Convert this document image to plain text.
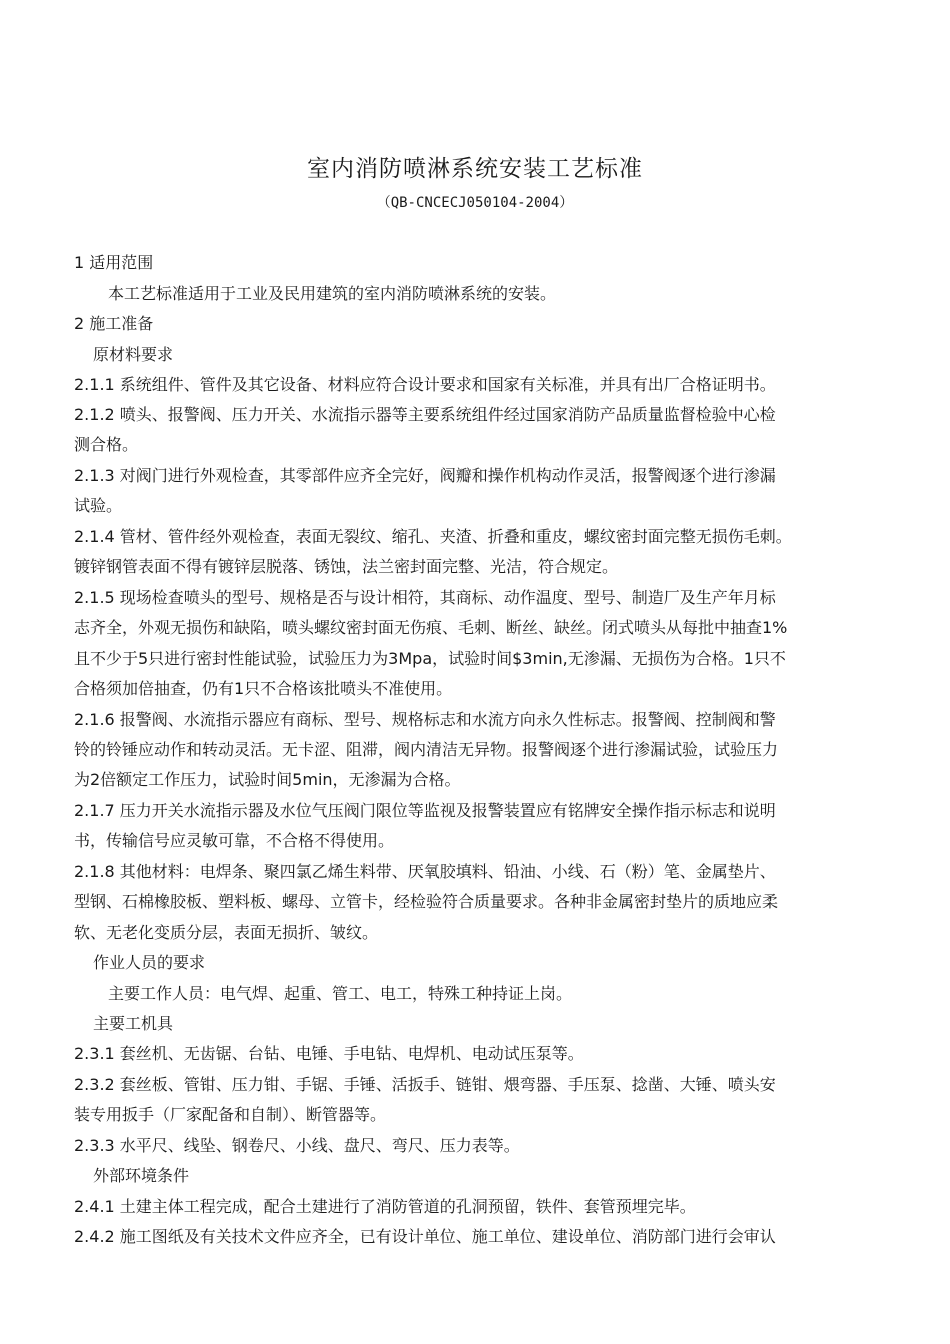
室内消防喷淋系统安装工艺标准
（QB-CNCECJ050104-2004）
1 适用范围
本工艺标准适用于工业及民用建筑的室内消防喷淋系统的安装。
2 施工准备
原材料要求
2.1.1 系统组件、管件及其它设备、材料应符合设计要求和国家有关标准，并具有出厂合格证明书。
2.1.2 喷头、报警阀、压力开关、水流指示器等主要系统组件经过国家消防产品质量监督检验中心检
测合格。
2.1.3 对阀门进行外观检查，其零部件应齐全完好，阀瓣和操作机构动作灵活，报警阀逐个进行渗漏
试验。
2.1.4 管材、管件经外观检查，表面无裂纹、缩孔、夹渣、折叠和重皮，螺纹密封面完整无损伤毛刺。
镀锌钢管表面不得有镀锌层脱落、锈蚀，法兰密封面完整、光洁，符合规定。
2.1.5 现场检查喷头的型号、规格是否与设计相符，其商标、动作温度、型号、制造厂及生产年月标
志齐全，外观无损伤和缺陷，喷头螺纹密封面无伤痕、毛刺、断丝、缺丝。闭式喷头从每批中抽查1%
且不少于5只进行密封性能试验，试验压力为3Mpa，试验时间$3min,无渗漏、无损伤为合格。1只不
合格须加倍抽查，仍有1只不合格该批喷头不准使用。
2.1.6 报警阀、水流指示器应有商标、型号、规格标志和水流方向永久性标志。报警阀、控制阀和警
铃的铃锤应动作和转动灵活。无卡涩、阻滞，阀内清洁无异物。报警阀逐个进行渗漏试验，试验压力
为2倍额定工作压力，试验时间5min，无渗漏为合格。
2.1.7 压力开关水流指示器及水位气压阀门限位等监视及报警装置应有铭牌安全操作指示标志和说明
书，传输信号应灵敏可靠，不合格不得使用。
2.1.8 其他材料：电焊条、聚四氯乙烯生料带、厌氧胶填料、铅油、小线、石（粉）笔、金属垫片、
型钢、石棉橡胶板、塑料板、螺母、立管卡，经检验符合质量要求。各种非金属密封垫片的质地应柔
软、无老化变质分层，表面无损折、皱纹。
作业人员的要求
主要工作人员：电气焊、起重、管工、电工，特殊工种持证上岗。
主要工机具
2.3.1 套丝机、无齿锯、台钻、电锤、手电钻、电焊机、电动试压泵等。
2.3.2 套丝板、管钳、压力钳、手锯、手锤、活扳手、链钳、煨弯器、手压泵、捻凿、大锤、喷头安
装专用扳手（厂家配备和自制）、断管器等。
2.3.3 水平尺、线坠、钢卷尺、小线、盘尺、弯尺、压力表等。
外部环境条件
2.4.1 土建主体工程完成，配合土建进行了消防管道的孔洞预留，铁件、套管预埋完毕。
2.4.2 施工图纸及有关技术文件应齐全，已有设计单位、施工单位、建设单位、消防部门进行会审认
